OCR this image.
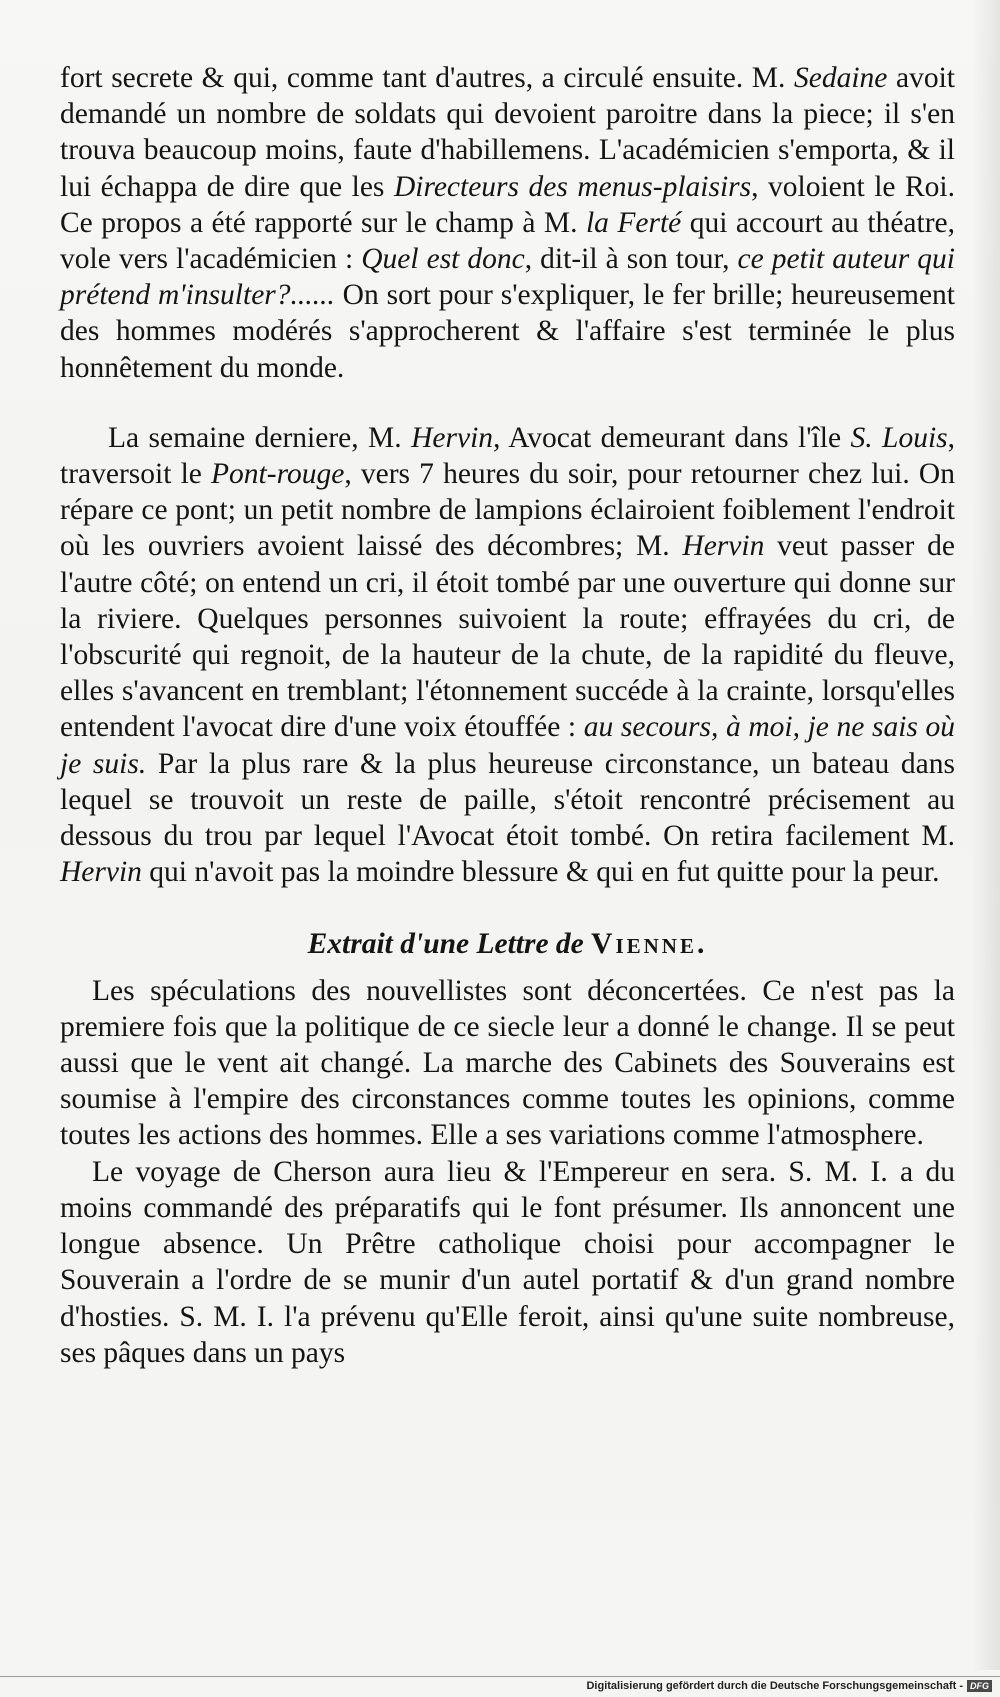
fort secrete & qui, comme tant d'autres, a circulé ensuite. M. Sedaine avoit demandé un nombre de soldats qui devoient paroitre dans la piece; il s'en trouva beaucoup moins, faute d'habillemens. L'académicien s'emporta, & il lui échappa de dire que les Directeurs des menus-plaisirs, voloient le Roi. Ce propos a été rapporté sur le champ à M. la Ferté qui accourt au théatre, vole vers l'académicien : Quel est donc, dit-il à son tour, ce petit auteur qui prétend m'insulter?...... On sort pour s'expliquer, le fer brille; heureusement des hommes modérés s'approcherent & l'affaire s'est terminée le plus honnêtement du monde.

La semaine derniere, M. Hervin, Avocat demeurant dans l'île S. Louis, traversoit le Pont-rouge, vers 7 heures du soir, pour retourner chez lui. On répare ce pont; un petit nombre de lampions éclairoient foiblement l'endroit où les ouvriers avoient laissé des décombres; M. Hervin veut passer de l'autre côté; on entend un cri, il étoit tombé par une ouverture qui donne sur la riviere. Quelques personnes suivoient la route; effrayées du cri, de l'obscurité qui regnoit, de la hauteur de la chute, de la rapidité du fleuve, elles s'avancent en tremblant; l'étonnement succéde à la crainte, lorsqu'elles entendent l'avocat dire d'une voix étouffée : au secours, à moi, je ne sais où je suis. Par la plus rare & la plus heureuse circonstance, un bateau dans lequel se trouvoit un reste de paille, s'étoit rencontré précisement au dessous du trou par lequel l'Avocat étoit tombé. On retira facilement M. Hervin qui n'avoit pas la moindre blessure & qui en fut quitte pour la peur.

Extrait d'une Lettre de Vienne.

Les spéculations des nouvellistes sont déconcertées. Ce n'est pas la premiere fois que la politique de ce siecle leur a donné le change. Il se peut aussi que le vent ait changé. La marche des Cabinets des Souverains est soumise à l'empire des circonstances comme toutes les opinions, comme toutes les actions des hommes. Elle a ses variations comme l'atmosphere.

Le voyage de Cherson aura lieu & l'Empereur en sera. S. M. I. a du moins commandé des préparatifs qui le font présumer. Ils annoncent une longue absence. Un Prêtre catholique choisi pour accompagner le Souverain a l'ordre de se munir d'un autel portatif & d'un grand nombre d'hosties. S. M. I. l'a prévenu qu'Elle feroit, ainsi qu'une suite nombreuse, ses pâques dans un pays

Digitalisierung gefördert durch die Deutsche Forschungsgemeinschaft - DFG
